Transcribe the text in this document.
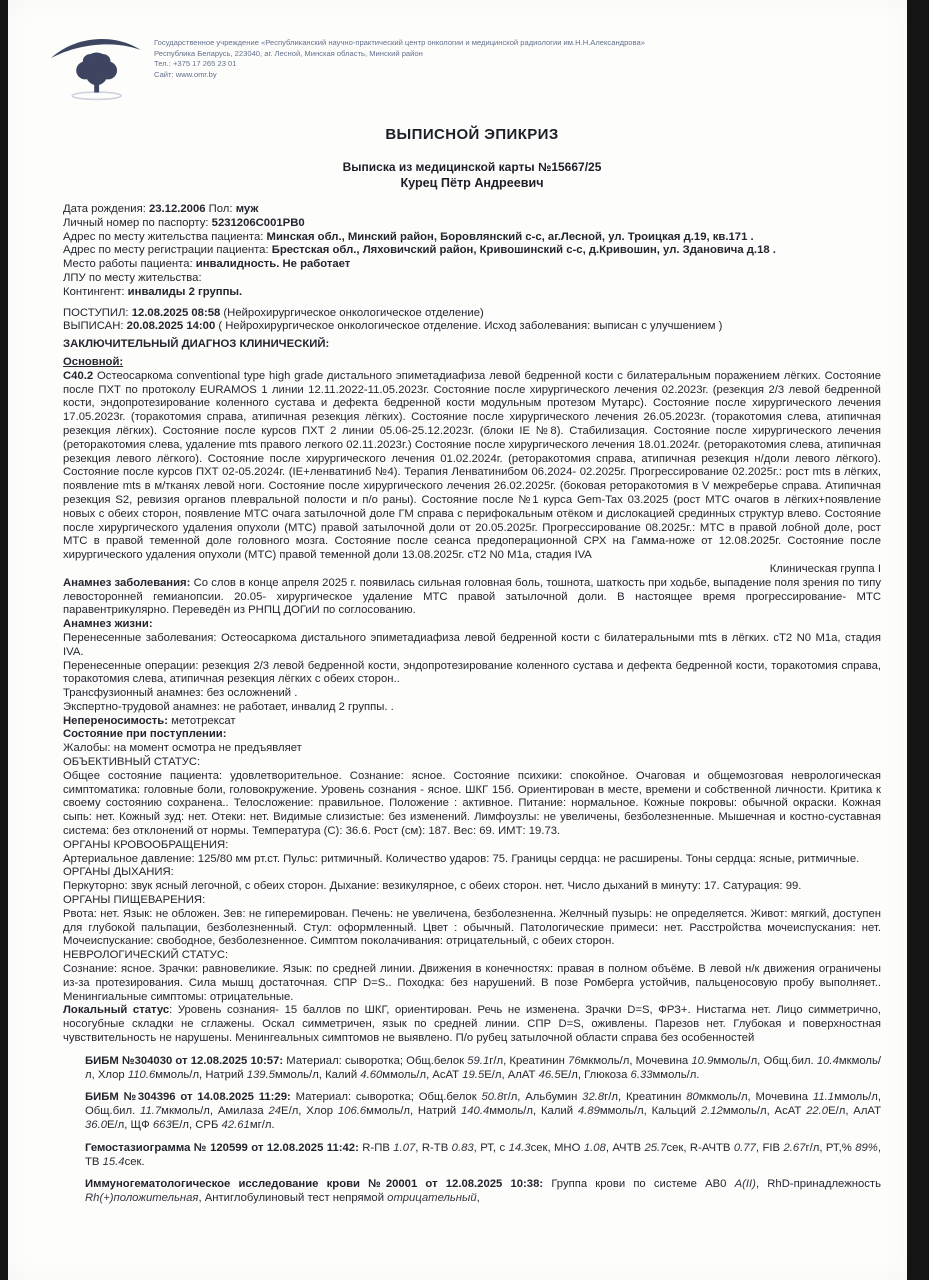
Государственное учреждение «Республиканский научно-практический центр онкологии и медицинской радиологии им.Н.Н.Александрова»
Республика Беларусь, 223040, аг. Лесной, Минская область, Минский район
Тел.: +375 17 265 23 01
Сайт: www.omr.by
ВЫПИСНОЙ ЭПИКРИЗ
Выписка из медицинской карты №15667/25
Курец Пётр Андреевич
Дата рождения: 23.12.2006 Пол: муж
Личный номер по паспорту: 5231206C001PB0
Адрес по месту жительства пациента: Минская обл., Минский район, Боровлянский с-с, аг.Лесной, ул. Троицкая д.19, кв.171 .
Адрес по месту регистрации пациента: Брестская обл., Ляховичский район, Кривошинский с-с, д.Кривошин, ул. Здановича д.18 .
Место работы пациента: инвалидность. Не работает
ЛПУ по месту жительства:
Контингент: инвалиды 2 группы.
ПОСТУПИЛ: 12.08.2025 08:58 (Нейрохирургическое онкологическое отделение)
ВЫПИСАН: 20.08.2025 14:00 ( Нейрохирургическое онкологическое отделение. Исход заболевания: выписан с улучшением )
ЗАКЛЮЧИТЕЛЬНЫЙ ДИАГНОЗ КЛИНИЧЕСКИЙ:
Основной:
C40.2 Остеосаркома conventional type high grade дистального эпиметадиафиза левой бедренной кости с билатеральным поражением лёгких. Состояние после ПХТ по протоколу EURAMOS 1 линии 12.11.2022-11.05.2023г. Состояние после хирургического лечения 02.2023г. (резекция 2/3 левой бедренной кости, эндопротезирование коленного сустава и дефекта бедренной кости модульным протезом Мутарс). Состояние после хирургического лечения 17.05.2023г. (торакотомия справа, атипичная резекция лёгких). Состояние после хирургического лечения 26.05.2023г. (торакотомия слева, атипичная резекция лёгких). Состояние после курсов ПХТ 2 линии 05.06-25.12.2023г. (блоки IE №8). Стабилизация. Состояние после хирургического лечения (реторакотомия слева, удаление mts правого легкого 02.11.2023г.) Состояние после хирургического лечения 18.01.2024г. (реторакотомия слева, атипичная резекция левого лёгкого). Состояние после хирургического лечения 01.02.2024г. (реторакотомия справа, атипичная резекция н/доли левого лёгкого). Состояние после курсов ПХТ 02-05.2024г. (IE+ленватиниб №4). Терапия Ленватинибом 06.2024- 02.2025г. Прогрессирование 02.2025г.: рост mts в лёгких, появление mts в м/тканях левой ноги. Состояние после хирургического лечения 26.02.2025г. (боковая реторакотомия в V межреберье справа. Атипичная резекция S2, ревизия органов плевральной полости и п/о раны). Состояние после №1 курса Gem-Tax 03.2025 (рост МТС очагов в лёгких+появление новых с обеих сторон, появление МТС очага затылочной доле ГМ справа с перифокальным отёком и дислокацией срединных структур влево. Состояние после хирургического удаления опухоли (МТС) правой затылочной доли от 20.05.2025г. Прогрессирование 08.2025г.: МТС в правой лобной доле, рост МТС в правой теменной доле головного мозга. Состояние после сеанса предоперационной СРХ на Гамма-ноже от 12.08.2025г. Состояние после хирургического удаления опухоли (МТС) правой теменной доли 13.08.2025г. сТ2 N0 M1a, стадия IVA
Клиническая группа I
Анамнез заболевания: Со слов в конце апреля 2025 г. появилась сильная головная боль, тошнота, шаткость при ходьбе, выпадение поля зрения по типу левосторонней гемианопсии. 20.05- хирургическое удаление МТС правой затылочной доли. В настоящее время прогрессирование- МТС паравентрикулярно. Переведён из РНПЦ ДОГиИ по соглосованию.
Анамнез жизни:
Перенесенные заболевания: Остеосаркома дистального эпиметадиафиза левой бедренной кости с билатеральными mts в лёгких. сТ2 N0 M1a, стадия IVA.
Перенесенные операции: резекция 2/3 левой бедренной кости, эндопротезирование коленного сустава и дефекта бедренной кости, торакотомия справа, торакотомия слева, атипичная резекция лёгких с обеих сторон..
Трансфузионный анамнез: без осложнений .
Экспертно-трудовой анамнез: не работает, инвалид 2 группы. .
Непереносимость: метотрексат
Состояние при поступлении:
Жалобы: на момент осмотра не предъявляет
ОБЪЕКТИВНЫЙ СТАТУС:
Общее состояние пациента: удовлетворительное. Сознание: ясное. Состояние психики: спокойное. Очаговая и общемозговая неврологическая симптоматика: головные боли, головокружение. Уровень сознания - ясное. ШКГ 15б. Ориентирован в месте, времени и собственной личности. Критика к своему состоянию сохранена.. Телосложение: правильное. Положение : активное. Питание: нормальное. Кожные покровы: обычной окраски. Кожная сыпь: нет. Кожный зуд: нет. Отеки: нет. Видимые слизистые: без изменений. Лимфоузлы: не увеличены, безболезненные. Мышечная и костно-суставная система: без отклонений от нормы. Температура (С): 36.6. Рост (см): 187. Вес: 69. ИМТ: 19.73.
ОРГАНЫ КРОВООБРАЩЕНИЯ:
Артериальное давление: 125/80 мм рт.ст. Пульс: ритмичный. Количество ударов: 75. Границы сердца: не расширены. Тоны сердца: ясные, ритмичные.
ОРГАНЫ ДЫХАНИЯ:
Перкуторно: звук ясный легочной, с обеих сторон. Дыхание: везикулярное, с обеих сторон. нет. Число дыханий в минуту: 17. Сатурация: 99.
ОРГАНЫ ПИЩЕВАРЕНИЯ:
Рвота: нет. Язык: не обложен. Зев: не гиперемирован. Печень: не увеличена, безболезненна. Желчный пузырь: не определяется. Живот: мягкий, доступен для глубокой пальпации, безболезненный. Стул: оформленный. Цвет : обычный. Патологические примеси: нет. Расстройства мочеиспускания: нет. Мочеиспускание: свободное, безболезненное. Симптом поколачивания: отрицательный, с обеих сторон.
НЕВРОЛОГИЧЕСКИЙ СТАТУС:
Сознание: ясное. Зрачки: равновеликие. Язык: по средней линии. Движения в конечностях: правая в полном объёме. В левой н/к движения ограничены из-за протезирования. Сила мышц достаточная. СПР D=S.. Походка: без нарушений. В позе Ромберга устойчив, пальценосовую пробу выполняет.. Менингиальные симптомы: отрицательные.
Локальный статус: Уровень сознания- 15 баллов по ШКГ, ориентирован. Речь не изменена. Зрачки D=S, ФРЗ+. Нистагма нет. Лицо симметрично, носогубные складки не сглажены. Оскал симметричен, язык по средней линии. СПР D=S, оживлены. Парезов нет. Глубокая и поверхностная чувствительность не нарушены. Менингеальных симптомов не выявлено. П/о рубец затылочной области справа без особенностей
БИБМ №304030 от 12.08.2025 10:57: Материал: сыворотка; Общ.белок 59.1г/л, Креатинин 76мкмоль/л, Мочевина 10.9ммоль/л, Общ.бил. 10.4мкмоль/л, Хлор 110.6ммоль/л, Натрий 139.5ммоль/л, Калий 4.60ммоль/л, АсАТ 19.5Е/л, АлАТ 46.5Е/л, Глюкоза 6.33ммоль/л.
БИБМ №304396 от 14.08.2025 11:29: Материал: сыворотка; Общ.белок 50.8г/л, Альбумин 32.8г/л, Креатинин 80мкмоль/л, Мочевина 11.1ммоль/л, Общ.бил. 11.7мкмоль/л, Амилаза 24Е/л, Хлор 106.6ммоль/л, Натрий 140.4ммоль/л, Калий 4.89ммоль/л, Кальций 2.12ммоль/л, АсАТ 22.0Е/л, АлАТ 36.0Е/л, ЩФ 663Е/л, СРБ 42.61мг/л.
Гемостазиограмма № 120599 от 12.08.2025 11:42: R-ПВ 1.07, R-ТВ 0.83, РТ, с 14.3сек, МНО 1.08, АЧТВ 25.7сек, R-АЧТВ 0.77, FIB 2.67г/л, РТ,% 89%, ТВ 15.4сек.
Иммуногематологическое исследование крови №20001 от 12.08.2025 10:38: Группа крови по системе АВ0 A(II), RhD-принадлежность Rh(+)положительная, Антиглобулиновый тест непрямой отрицательный,
